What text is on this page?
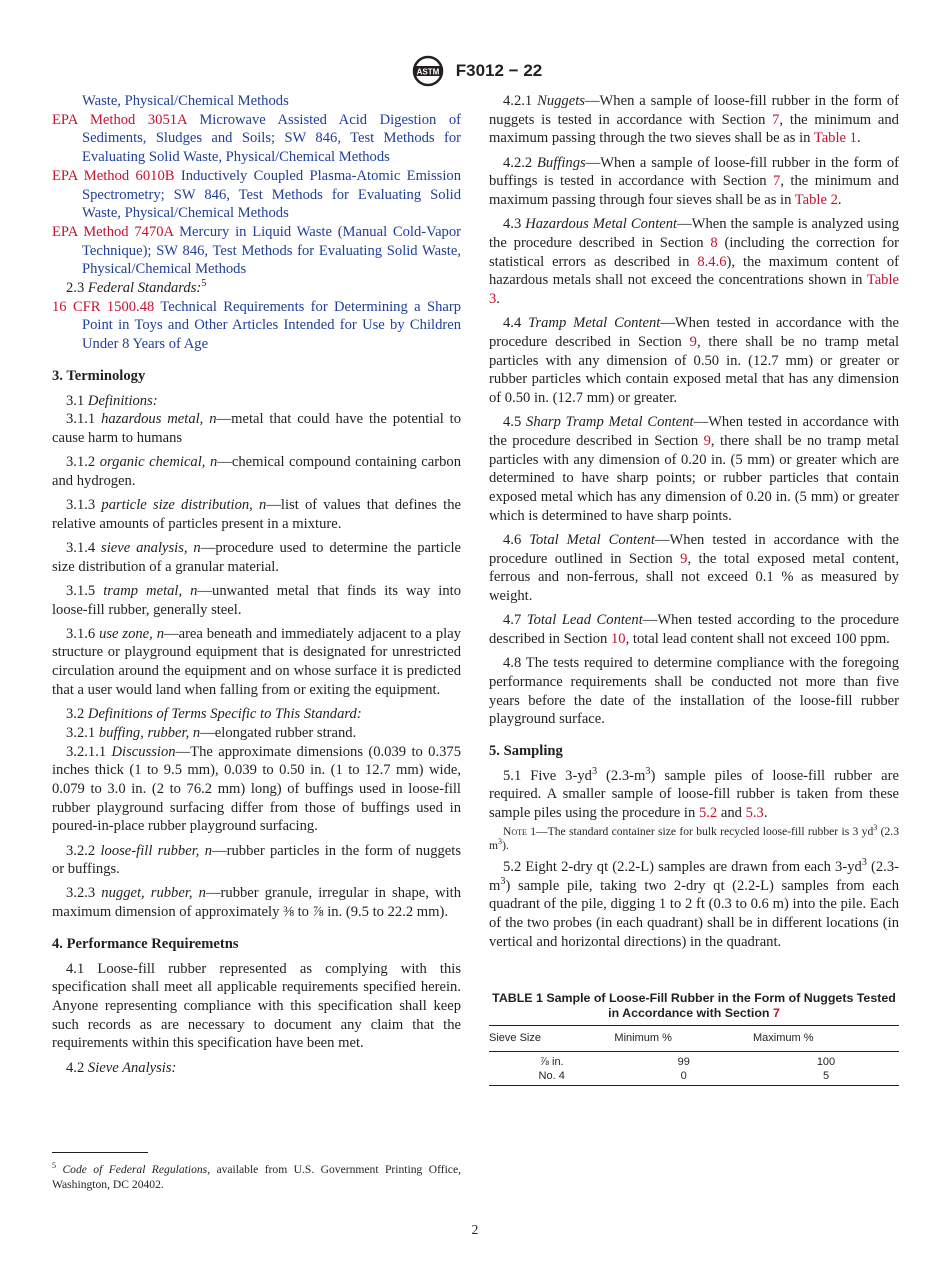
ASTM F3012 − 22

Waste, Physical/Chemical Methods

EPA Method 3051A Microwave Assisted Acid Digestion of Sediments, Sludges and Soils; SW 846, Test Methods for Evaluating Solid Waste, Physical/Chemical Methods

EPA Method 6010B Inductively Coupled Plasma-Atomic Emission Spectrometry; SW 846, Test Methods for Evaluating Solid Waste, Physical/Chemical Methods

EPA Method 7470A Mercury in Liquid Waste (Manual Cold-Vapor Technique); SW 846, Test Methods for Evaluating Solid Waste, Physical/Chemical Methods

2.3 Federal Standards:$^5$

16 CFR 1500.48 Technical Requirements for Determining a Sharp Point in Toys and Other Articles Intended for Use by Children Under 8 Years of Age

3. Terminology

3.1 Definitions:

3.1.1 hazardous metal, n—metal that could have the potential to cause harm to humans

3.1.2 organic chemical, n—chemical compound containing carbon and hydrogen.

3.1.3 particle size distribution, n—list of values that defines the relative amounts of particles present in a mixture.

3.1.4 sieve analysis, n—procedure used to determine the particle size distribution of a granular material.

3.1.5 tramp metal, n—unwanted metal that finds its way into loose-fill rubber, generally steel.

3.1.6 use zone, n—area beneath and immediately adjacent to a play structure or playground equipment that is designated for unrestricted circulation around the equipment and on whose surface it is predicted that a user would land when falling from or exiting the equipment.

3.2 Definitions of Terms Specific to This Standard:

3.2.1 buffing, rubber, n—elongated rubber strand.

3.2.1.1 Discussion—The approximate dimensions (0.039 to 0.375 inches thick (1 to 9.5 mm), 0.039 to 0.50 in. (1 to 12.7 mm) wide, 0.079 to 3.0 in. (2 to 76.2 mm) long) of buffings used in loose-fill rubber playground surfacing differ from those of buffings used in poured-in-place rubber playground surfacing.

3.2.2 loose-fill rubber, n—rubber particles in the form of nuggets or buffings.

3.2.3 nugget, rubber, n—rubber granule, irregular in shape, with maximum dimension of approximately ⅜ to ⅞ in. (9.5 to 22.2 mm).

4. Performance Requiremetns

4.1 Loose-fill rubber represented as complying with this specification shall meet all applicable requirements specified herein. Anyone representing compliance with this specification shall keep such records as are necessary to document any claim that the requirements within this specification have been met.

4.2 Sieve Analysis:

4.2.1 Nuggets—When a sample of loose-fill rubber in the form of nuggets is tested in accordance with Section 7, the minimum and maximum passing through the two sieves shall be as in Table 1.

4.2.2 Buffings—When a sample of loose-fill rubber in the form of buffings is tested in accordance with Section 7, the minimum and maximum passing through four sieves shall be as in Table 2.

4.3 Hazardous Metal Content—When the sample is analyzed using the procedure described in Section 8 (including the correction for statistical errors as described in 8.4.6), the maximum content of hazardous metals shall not exceed the concentrations shown in Table 3.

4.4 Tramp Metal Content—When tested in accordance with the procedure described in Section 9, there shall be no tramp metal particles with any dimension of 0.50 in. (12.7 mm) or greater or rubber particles which contain exposed metal that has any dimension of 0.50 in. (12.7 mm) or greater.

4.5 Sharp Tramp Metal Content—When tested in accordance with the procedure described in Section 9, there shall be no tramp metal particles with any dimension of 0.20 in. (5 mm) or greater which are determined to have sharp points; or rubber particles that contain exposed metal which has any dimension of 0.20 in. (5 mm) or greater which is determined to have sharp points.

4.6 Total Metal Content—When tested in accordance with the procedure outlined in Section 9, the total exposed metal content, ferrous and non-ferrous, shall not exceed 0.1 % as measured by weight.

4.7 Total Lead Content—When tested according to the procedure described in Section 10, total lead content shall not exceed 100 ppm.

4.8 The tests required to determine compliance with the foregoing performance requirements shall be conducted not more than five years before the date of the installation of the loose-fill rubber playground surface.

5. Sampling

5.1 Five $3-yd^3$ $(2.3-m^3)$ sample piles of loose-fill rubber are required. A smaller sample of loose-fill rubber is taken from these sample piles using the procedure in 5.2 and 5.3.

Note 1—The standard container size for bulk recycled loose-fill rubber is 3 $yd^3$ (2.3 $m^3$).

5.2 Eight 2-dry qt (2.2-L) samples are drawn from each $3-yd^3$ $(2.3-m^3)$ sample pile, taking two 2-dry qt (2.2-L) samples from each quadrant of the pile, digging 1 to 2 ft (0.3 to 0.6 m) into the pile. Each of the two probes (in each quadrant) shall be in different locations (in vertical and horizontal directions) in the quadrant.

TABLE 1 Sample of Loose-Fill Rubber in the Form of Nuggets Tested in Accordance with Section 7
Sieve Size	Minimum %	Maximum %
⅞ in.	99	100
No. 4	0	5
$^5$ Code of Federal Regulations, available from U.S. Government Printing Office, Washington, DC 20402.
2
